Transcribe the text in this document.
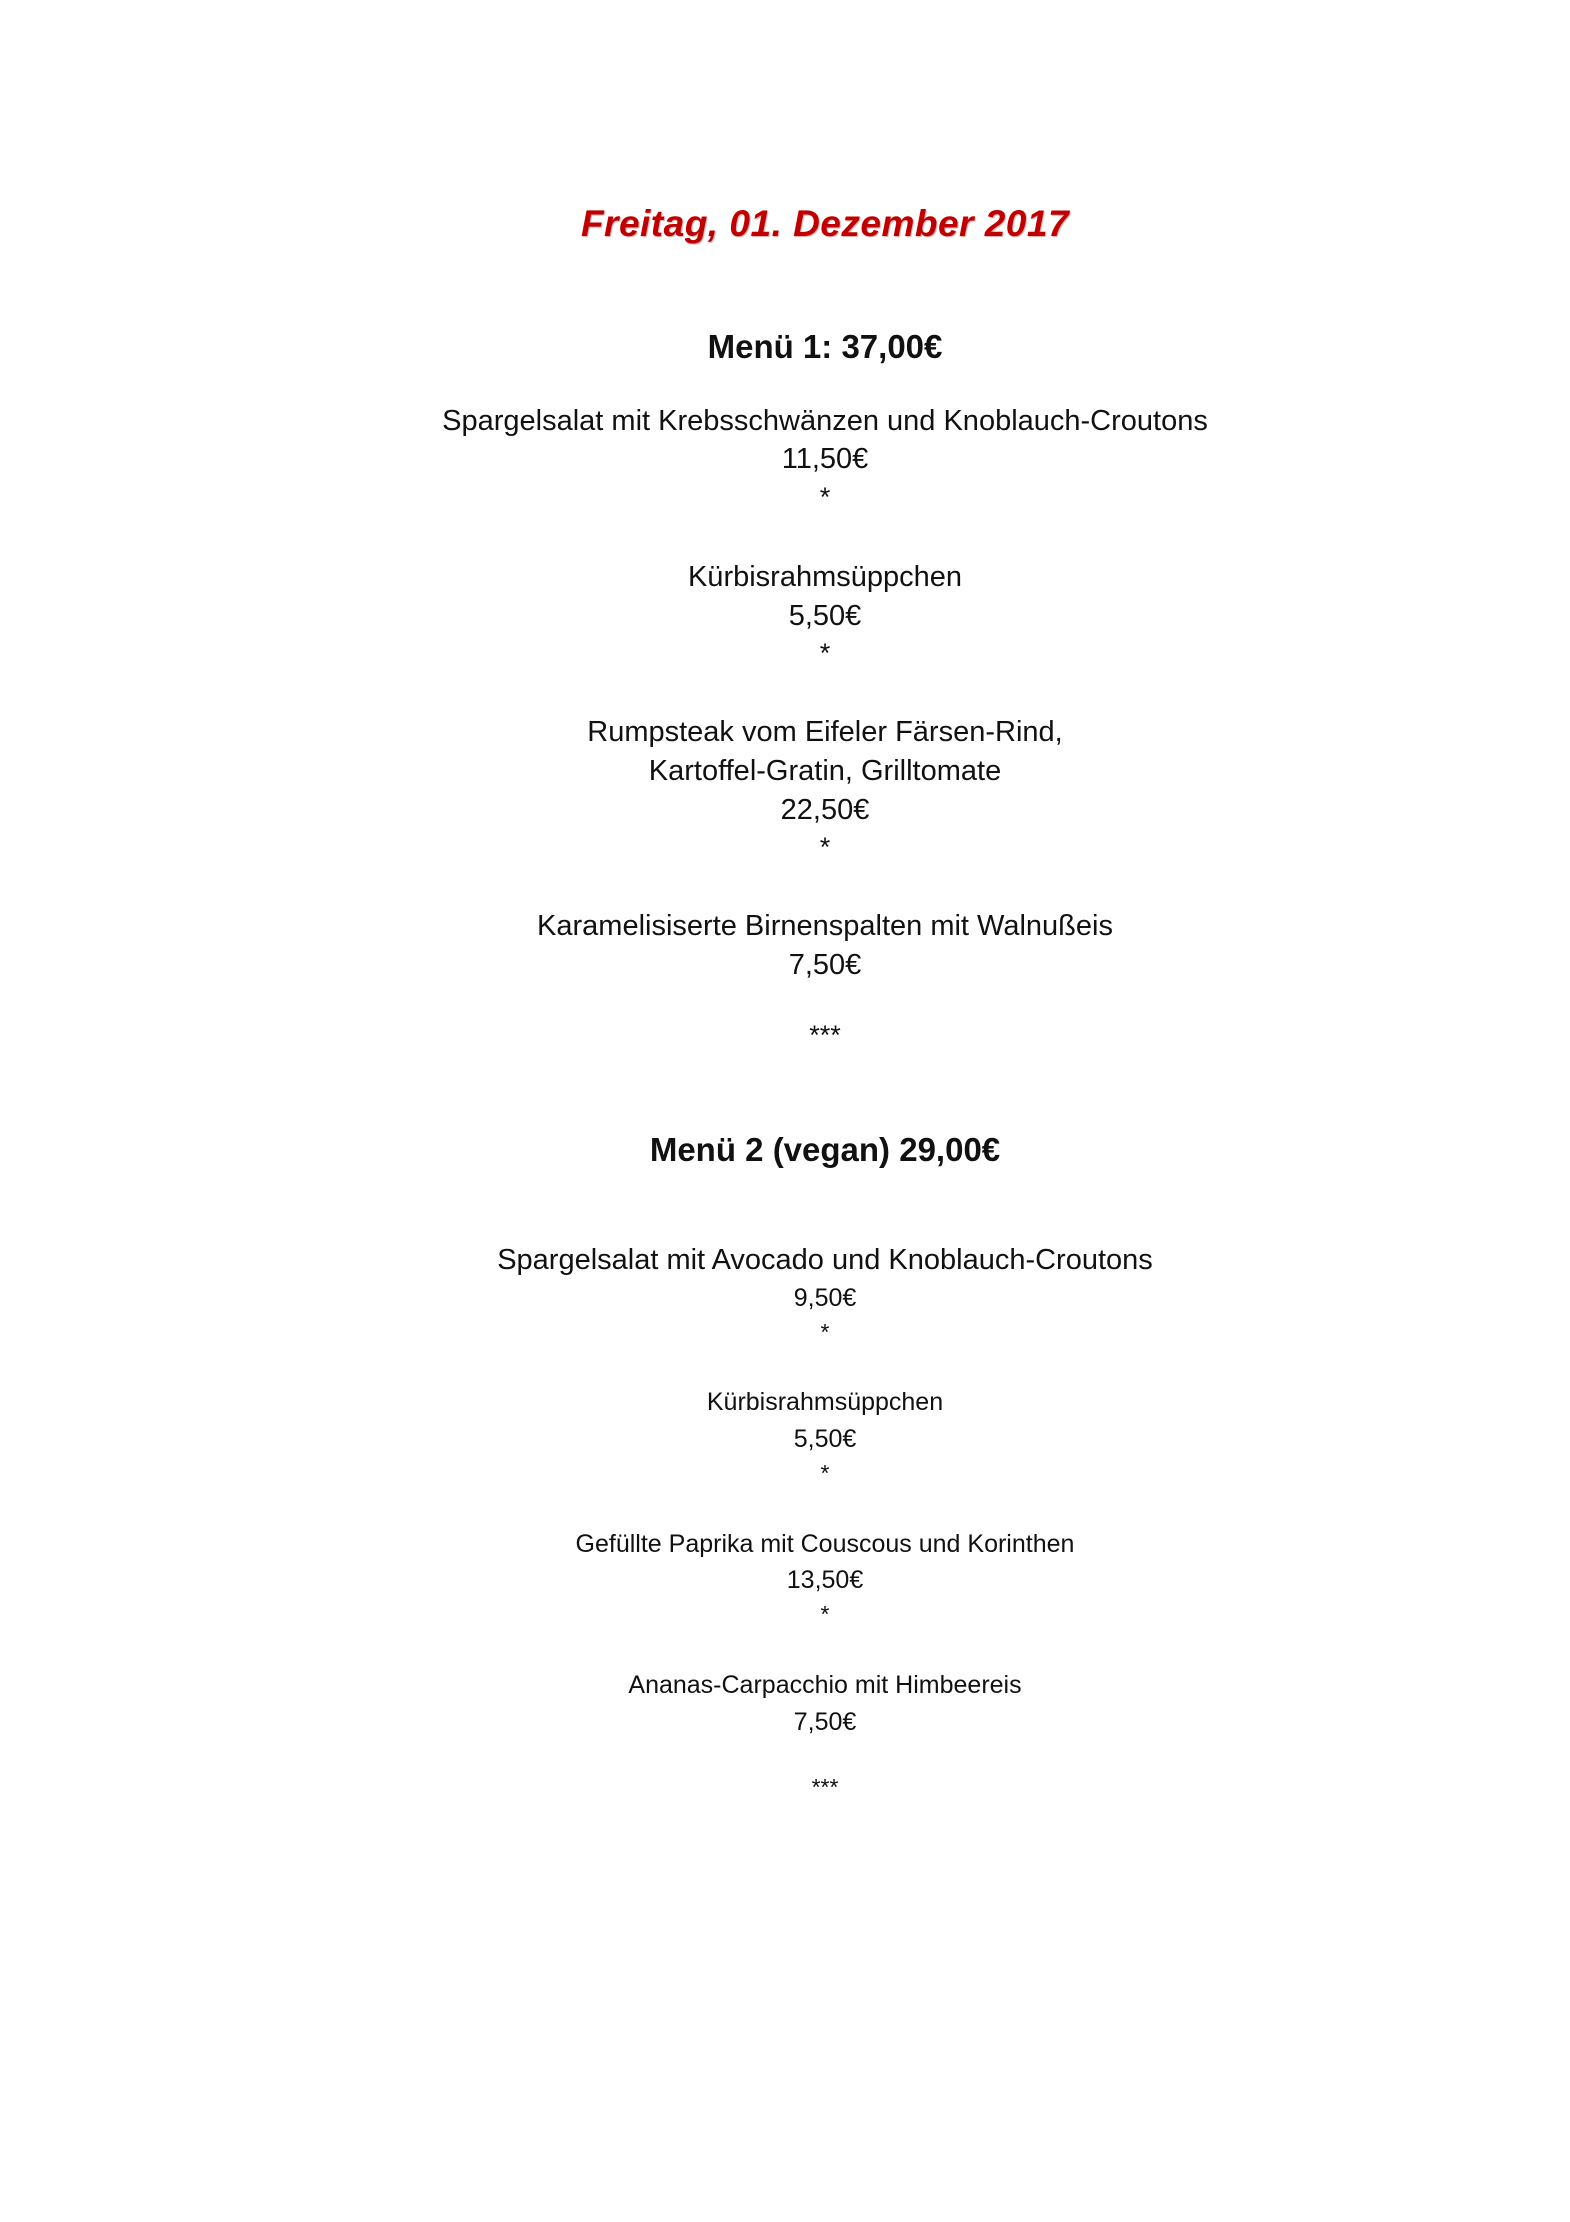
Freitag, 01. Dezember 2017
Menü 1: 37,00€
Spargelsalat mit Krebsschwänzen und Knoblauch-Croutons
11,50€
*
Kürbisrahmsüppchen
5,50€
*
Rumpsteak vom Eifeler Färsen-Rind,
Kartoffel-Gratin, Grilltomate
22,50€
*
Karamelisiserte Birnenspalten mit Walnußeis
7,50€
***
Menü 2 (vegan) 29,00€
Spargelsalat mit Avocado und Knoblauch-Croutons
9,50€
*
Kürbisrahmsüppchen
5,50€
*
Gefüllte Paprika mit Couscous und Korinthen
13,50€
*
Ananas-Carpacchio mit Himbeereis
7,50€
***
